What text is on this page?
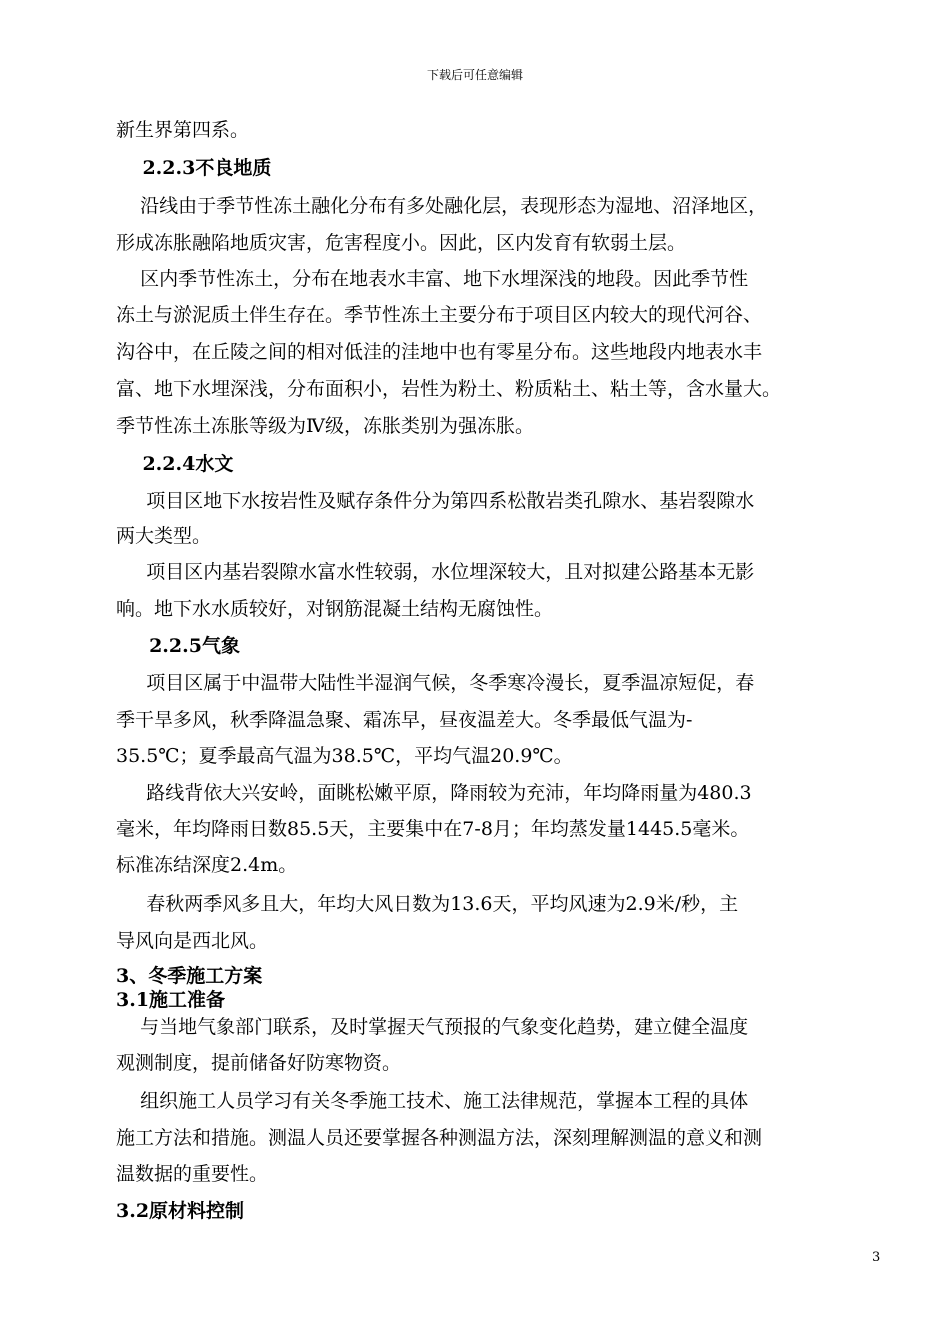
下载后可任意编辑
新生界第四系。
2.2.3不良地质
沿线由于季节性冻土融化分布有多处融化层，表现形态为湿地、沼泽地区，
形成冻胀融陷地质灾害，危害程度小。因此，区内发育有软弱土层。
区内季节性冻土，分布在地表水丰富、地下水埋深浅的地段。因此季节性
冻土与淤泥质土伴生存在。季节性冻土主要分布于项目区内较大的现代河谷、
沟谷中，在丘陵之间的相对低洼的洼地中也有零星分布。这些地段内地表水丰
富、地下水埋深浅，分布面积小，岩性为粉土、粉质粘土、粘土等，含水量大。
季节性冻土冻胀等级为Ⅳ级，冻胀类别为强冻胀。
2.2.4水文
项目区地下水按岩性及赋存条件分为第四系松散岩类孔隙水、基岩裂隙水
两大类型。
项目区内基岩裂隙水富水性较弱，水位埋深较大，且对拟建公路基本无影
响。地下水水质较好，对钢筋混凝土结构无腐蚀性。
2.2.5气象
项目区属于中温带大陆性半湿润气候，冬季寒冷漫长，夏季温凉短促，春
季干旱多风，秋季降温急聚、霜冻早，昼夜温差大。冬季最低气温为-
35.5℃；夏季最高气温为38.5℃，平均气温20.9℃。
路线背依大兴安岭，面眺松嫩平原，降雨较为充沛，年均降雨量为480.3
毫米，年均降雨日数85.5天，主要集中在7-8月；年均蒸发量1445.5毫米。
标准冻结深度2.4m。
春秋两季风多且大，年均大风日数为13.6天，平均风速为2.9米/秒，主
导风向是西北风。
3、冬季施工方案
3.1施工准备
与当地气象部门联系，及时掌握天气预报的气象变化趋势，建立健全温度
观测制度，提前储备好防寒物资。
组织施工人员学习有关冬季施工技术、施工法律规范，掌握本工程的具体
施工方法和措施。测温人员还要掌握各种测温方法，深刻理解测温的意义和测
温数据的重要性。
3.2原材料控制
3
